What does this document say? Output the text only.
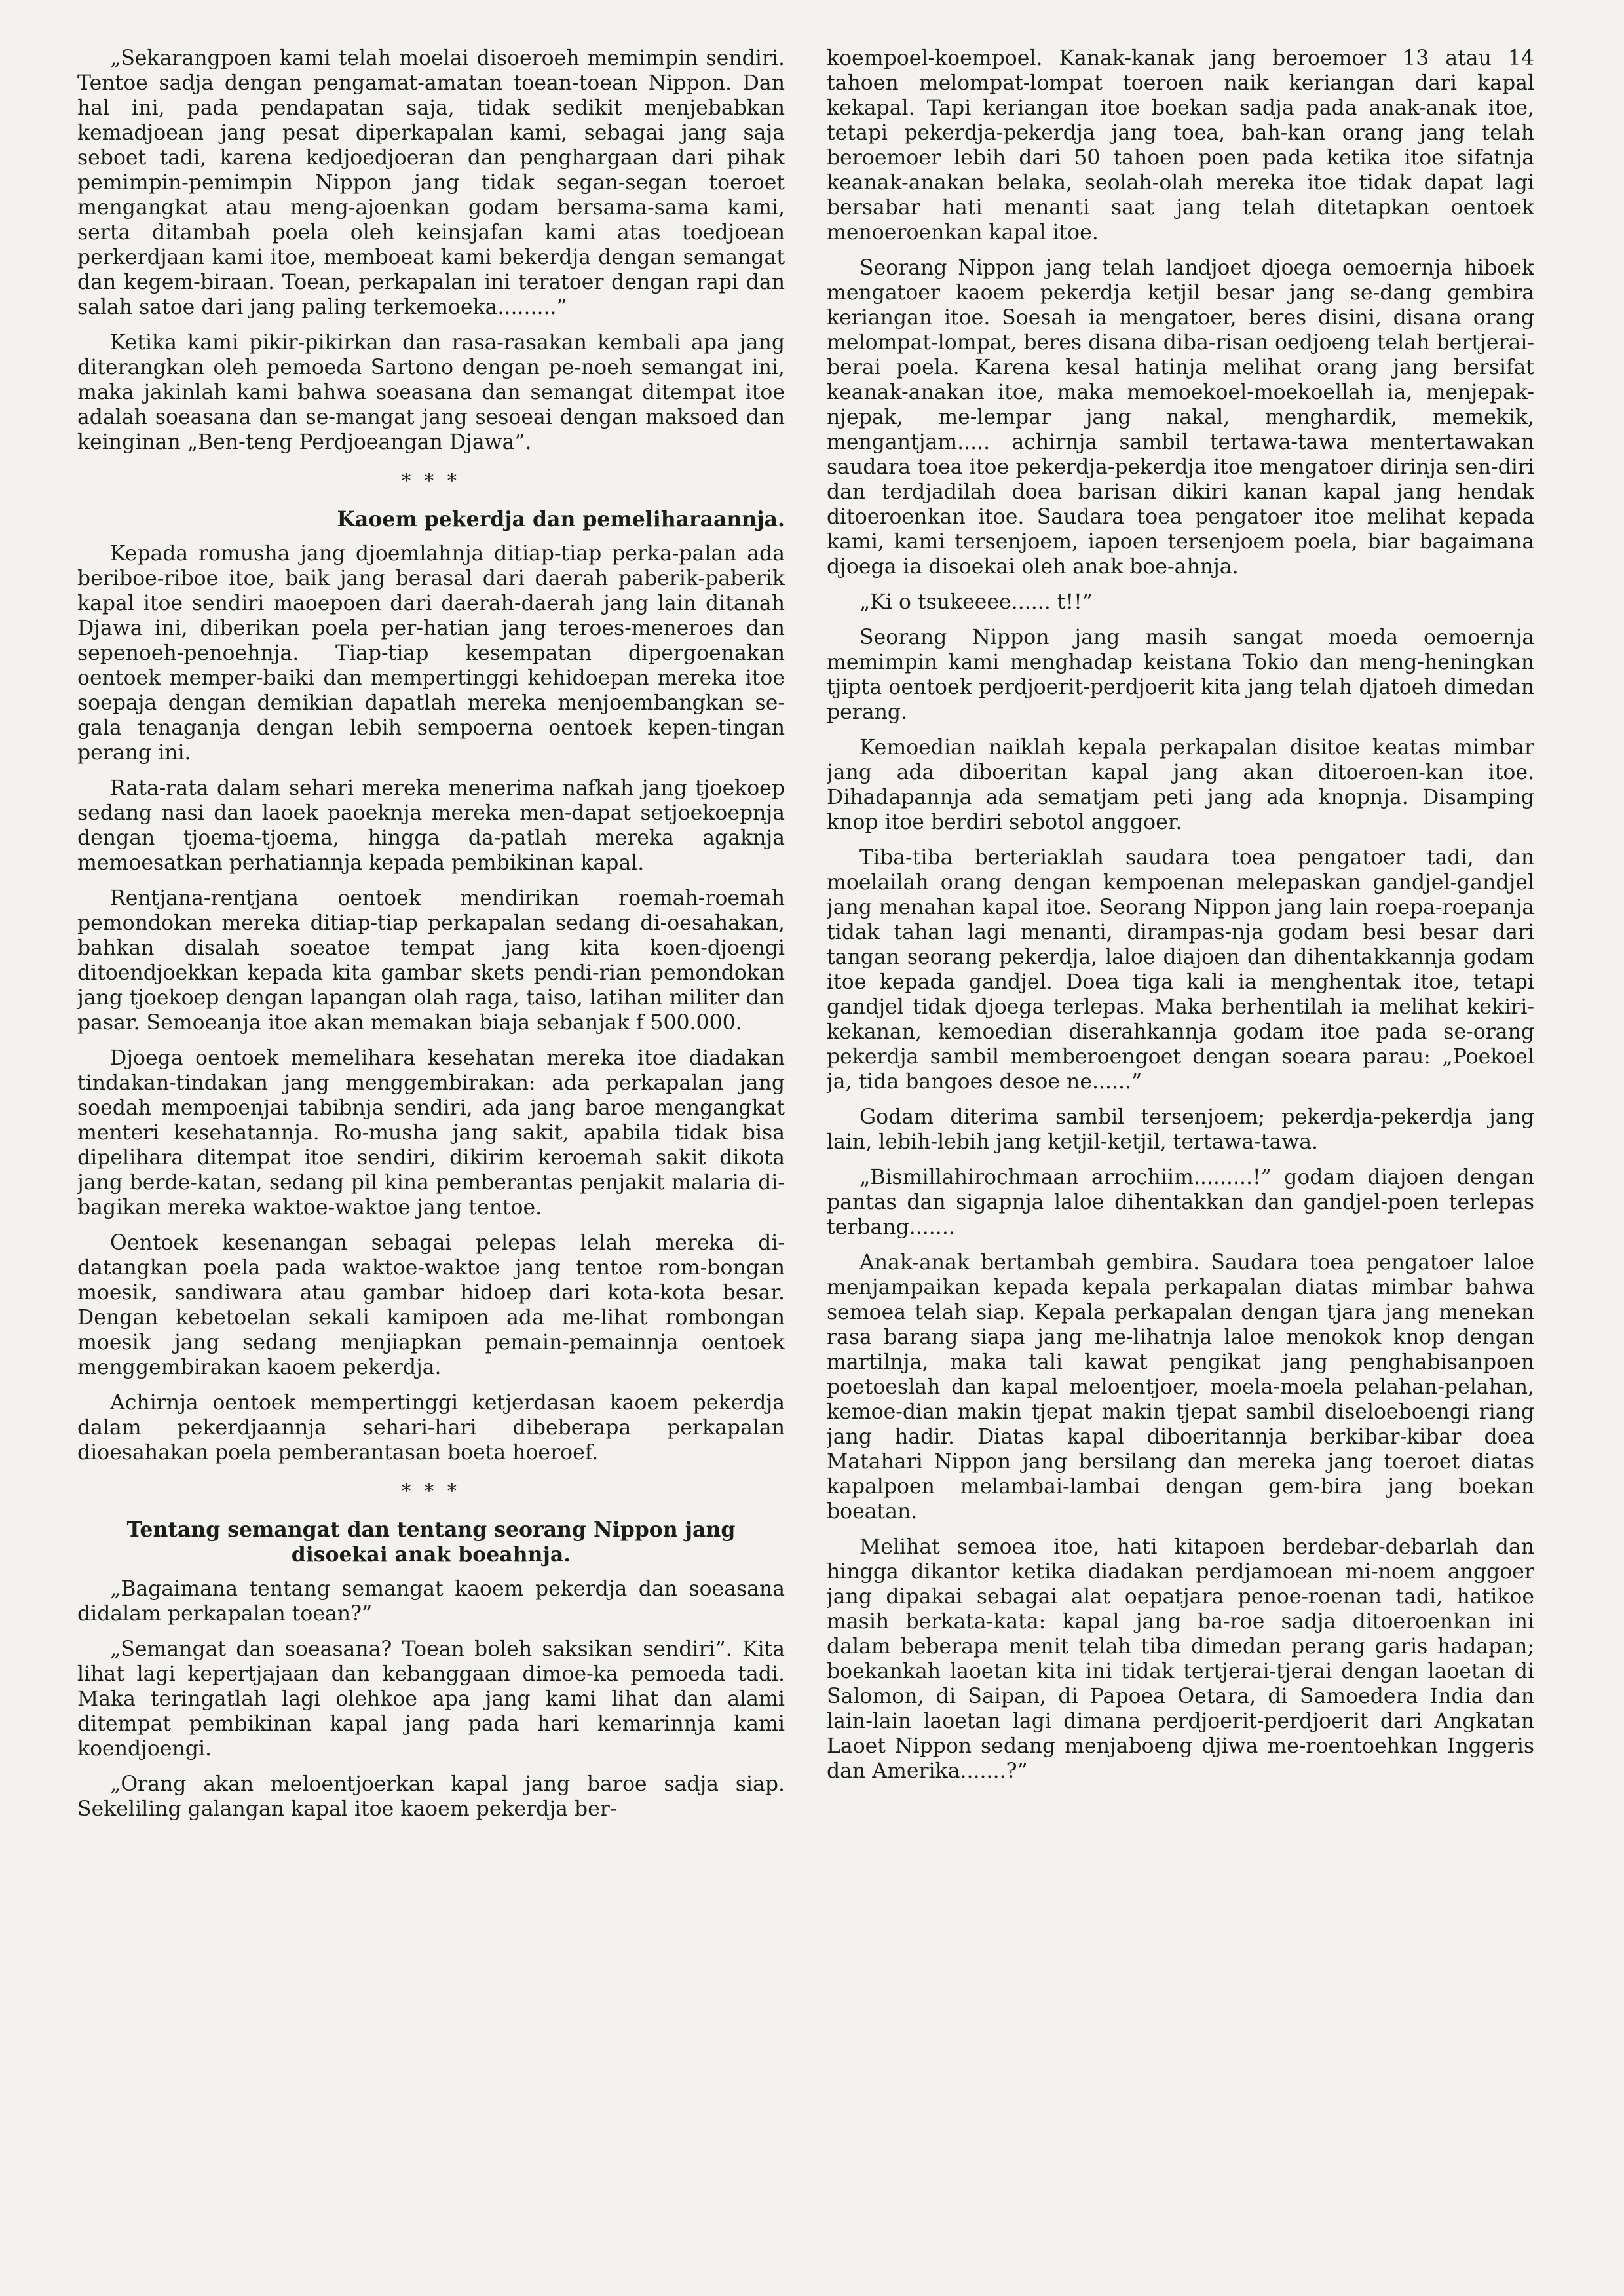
„Sekarangpoen kami telah moelai disoeroeh memimpin sendiri. Tentoe sadja dengan pengamat-amatan toean-toean Nippon. Dan hal ini, pada pendapatan saja, tidak sedikit menjebabkan kemadjoean jang pesat diperkapalan kami, sebagai jang saja seboet tadi, karena kedjoedjoeran dan penghargaan dari pihak pemimpin-pemimpin Nippon jang tidak segan-segan toeroet mengangkat atau meng-ajoenkan godam bersama-sama kami, serta ditambah poela oleh keinsjafan kami atas toedjoean perkerdjaan kami itoe, memboeat kami bekerdja dengan semangat dan kegem-biraan. Toean, perkapalan ini teratoer dengan rapi dan salah satoe dari jang paling terkemoeka.........”

Ketika kami pikir-pikirkan dan rasa-rasakan kembali apa jang diterangkan oleh pemoeda Sartono dengan pe-noeh semangat ini, maka jakinlah kami bahwa soeasana dan semangat ditempat itoe adalah soeasana dan se-mangat jang sesoeai dengan maksoed dan keinginan „Ben-teng Perdjoeangan Djawa”.

* * *
Kaoem pekerdja dan pemeliharaannja.

Kepada romusha jang djoemlahnja ditiap-tiap perka-palan ada beriboe-riboe itoe, baik jang berasal dari daerah paberik-paberik kapal itoe sendiri maoepoen dari daerah-daerah jang lain ditanah Djawa ini, diberikan poela per-hatian jang teroes-meneroes dan sepenoeh-penoehnja. Tiap-tiap kesempatan dipergoenakan oentoek memper-baiki dan mempertinggi kehidoepan mereka itoe soepaja dengan demikian dapatlah mereka menjoembangkan se-gala tenaganja dengan lebih sempoerna oentoek kepen-tingan perang ini.

Rata-rata dalam sehari mereka menerima nafkah jang tjoekoep sedang nasi dan laoek paoeknja mereka men-dapat setjoekoepnja dengan tjoema-tjoema, hingga da-patlah mereka agaknja memoesatkan perhatiannja kepada pembikinan kapal.

Rentjana-rentjana oentoek mendirikan roemah-roemah pemondokan mereka ditiap-tiap perkapalan sedang di-oesahakan, bahkan disalah soeatoe tempat jang kita koen-djoengi ditoendjoekkan kepada kita gambar skets pendi-rian pemondokan jang tjoekoep dengan lapangan olah raga, taiso, latihan militer dan pasar. Semoeanja itoe akan memakan biaja sebanjak f 500.000.

Djoega oentoek memelihara kesehatan mereka itoe diadakan tindakan-tindakan jang menggembirakan: ada perkapalan jang soedah mempoenjai tabibnja sendiri, ada jang baroe mengangkat menteri kesehatannja. Ro-musha jang sakit, apabila tidak bisa dipelihara ditempat itoe sendiri, dikirim keroemah sakit dikota jang berde-katan, sedang pil kina pemberantas penjakit malaria di-bagikan mereka waktoe-waktoe jang tentoe.

Oentoek kesenangan sebagai pelepas lelah mereka di-datangkan poela pada waktoe-waktoe jang tentoe rom-bongan moesik, sandiwara atau gambar hidoep dari kota-kota besar. Dengan kebetoelan sekali kamipoen ada me-lihat rombongan moesik jang sedang menjiapkan pemain-pemainnja oentoek menggembirakan kaoem pekerdja.

Achirnja oentoek mempertinggi ketjerdasan kaoem pekerdja dalam pekerdjaannja sehari-hari dibeberapa perkapalan dioesahakan poela pemberantasan boeta hoeroef.

* * *
Tentang semangat dan tentang seorang Nippon jang disoekai anak boeahnja.

„Bagaimana tentang semangat kaoem pekerdja dan soeasana didalam perkapalan toean?”

„Semangat dan soeasana? Toean boleh saksikan sendiri”. Kita lihat lagi kepertjajaan dan kebanggaan dimoe-ka pemoeda tadi. Maka teringatlah lagi olehkoe apa jang kami lihat dan alami ditempat pembikinan kapal jang pada hari kemarinnja kami koendjoengi.

„Orang akan meloentjoerkan kapal jang baroe sadja siap. Sekeliling galangan kapal itoe kaoem pekerdja ber-

koempoel-koempoel. Kanak-kanak jang beroemoer 13 atau 14 tahoen melompat-lompat toeroen naik keriangan dari kapal kekapal. Tapi keriangan itoe boekan sadja pada anak-anak itoe, tetapi pekerdja-pekerdja jang toea, bah-kan orang jang telah beroemoer lebih dari 50 tahoen poen pada ketika itoe sifatnja keanak-anakan belaka, seolah-olah mereka itoe tidak dapat lagi bersabar hati menanti saat jang telah ditetapkan oentoek menoeroenkan kapal itoe.

Seorang Nippon jang telah landjoet djoega oemoernja hiboek mengatoer kaoem pekerdja ketjil besar jang se-dang gembira keriangan itoe. Soesah ia mengatoer, beres disini, disana orang melompat-lompat, beres disana diba-risan oedjoeng telah bertjerai-berai poela. Karena kesal hatinja melihat orang jang bersifat keanak-anakan itoe, maka memoekoel-moekoellah ia, menjepak-njepak, me-lempar jang nakal, menghardik, memekik, mengantjam..... achirnja sambil tertawa-tawa mentertawakan saudara toea itoe pekerdja-pekerdja itoe mengatoer dirinja sen-diri dan terdjadilah doea barisan dikiri kanan kapal jang hendak ditoeroenkan itoe. Saudara toea pengatoer itoe melihat kepada kami, kami tersenjoem, iapoen tersenjoem poela, biar bagaimana djoega ia disoekai oleh anak boe-ahnja.

„Ki o tsukeeee...... t!!”

Seorang Nippon jang masih sangat moeda oemoernja memimpin kami menghadap keistana Tokio dan meng-heningkan tjipta oentoek perdjoerit-perdjoerit kita jang telah djatoeh dimedan perang.

Kemoedian naiklah kepala perkapalan disitoe keatas mimbar jang ada diboeritan kapal jang akan ditoeroen-kan itoe. Dihadapannja ada sematjam peti jang ada knopnja. Disamping knop itoe berdiri sebotol anggoer.

Tiba-tiba berteriaklah saudara toea pengatoer tadi, dan moelailah orang dengan kempoenan melepaskan gandjel-gandjel jang menahan kapal itoe. Seorang Nippon jang lain roepa-roepanja tidak tahan lagi menanti, dirampas-nja godam besi besar dari tangan seorang pekerdja, laloe diajoen dan dihentakkannja godam itoe kepada gandjel. Doea tiga kali ia menghentak itoe, tetapi gandjel tidak djoega terlepas. Maka berhentilah ia melihat kekiri-kekanan, kemoedian diserahkannja godam itoe pada se-orang pekerdja sambil memberoengoet dengan soeara parau: „Poekoel ja, tida bangoes desoe ne......”

Godam diterima sambil tersenjoem; pekerdja-pekerdja jang lain, lebih-lebih jang ketjil-ketjil, tertawa-tawa.

„Bismillahirochmaan arrochiim.........!” godam diajoen dengan pantas dan sigapnja laloe dihentakkan dan gandjel-poen terlepas terbang.......

Anak-anak bertambah gembira. Saudara toea pengatoer laloe menjampaikan kepada kepala perkapalan diatas mimbar bahwa semoea telah siap. Kepala perkapalan dengan tjara jang menekan rasa barang siapa jang me-lihatnja laloe menokok knop dengan martilnja, maka tali kawat pengikat jang penghabisanpoen poetoeslah dan kapal meloentjoer, moela-moela pelahan-pelahan, kemoe-dian makin tjepat makin tjepat sambil diseloeboengi riang jang hadir. Diatas kapal diboeritannja berkibar-kibar doea Matahari Nippon jang bersilang dan mereka jang toeroet diatas kapalpoen melambai-lambai dengan gem-bira jang boekan boeatan.

Melihat semoea itoe, hati kitapoen berdebar-debarlah dan hingga dikantor ketika diadakan perdjamoean mi-noem anggoer jang dipakai sebagai alat oepatjara penoe-roenan tadi, hatikoe masih berkata-kata: kapal jang ba-roe sadja ditoeroenkan ini dalam beberapa menit telah tiba dimedan perang garis hadapan; boekankah laoetan kita ini tidak tertjerai-tjerai dengan laoetan di Salomon, di Saipan, di Papoea Oetara, di Samoedera India dan lain-lain laoetan lagi dimana perdjoerit-perdjoerit dari Angkatan Laoet Nippon sedang menjaboeng djiwa me-roentoehkan Inggeris dan Amerika.......?”
